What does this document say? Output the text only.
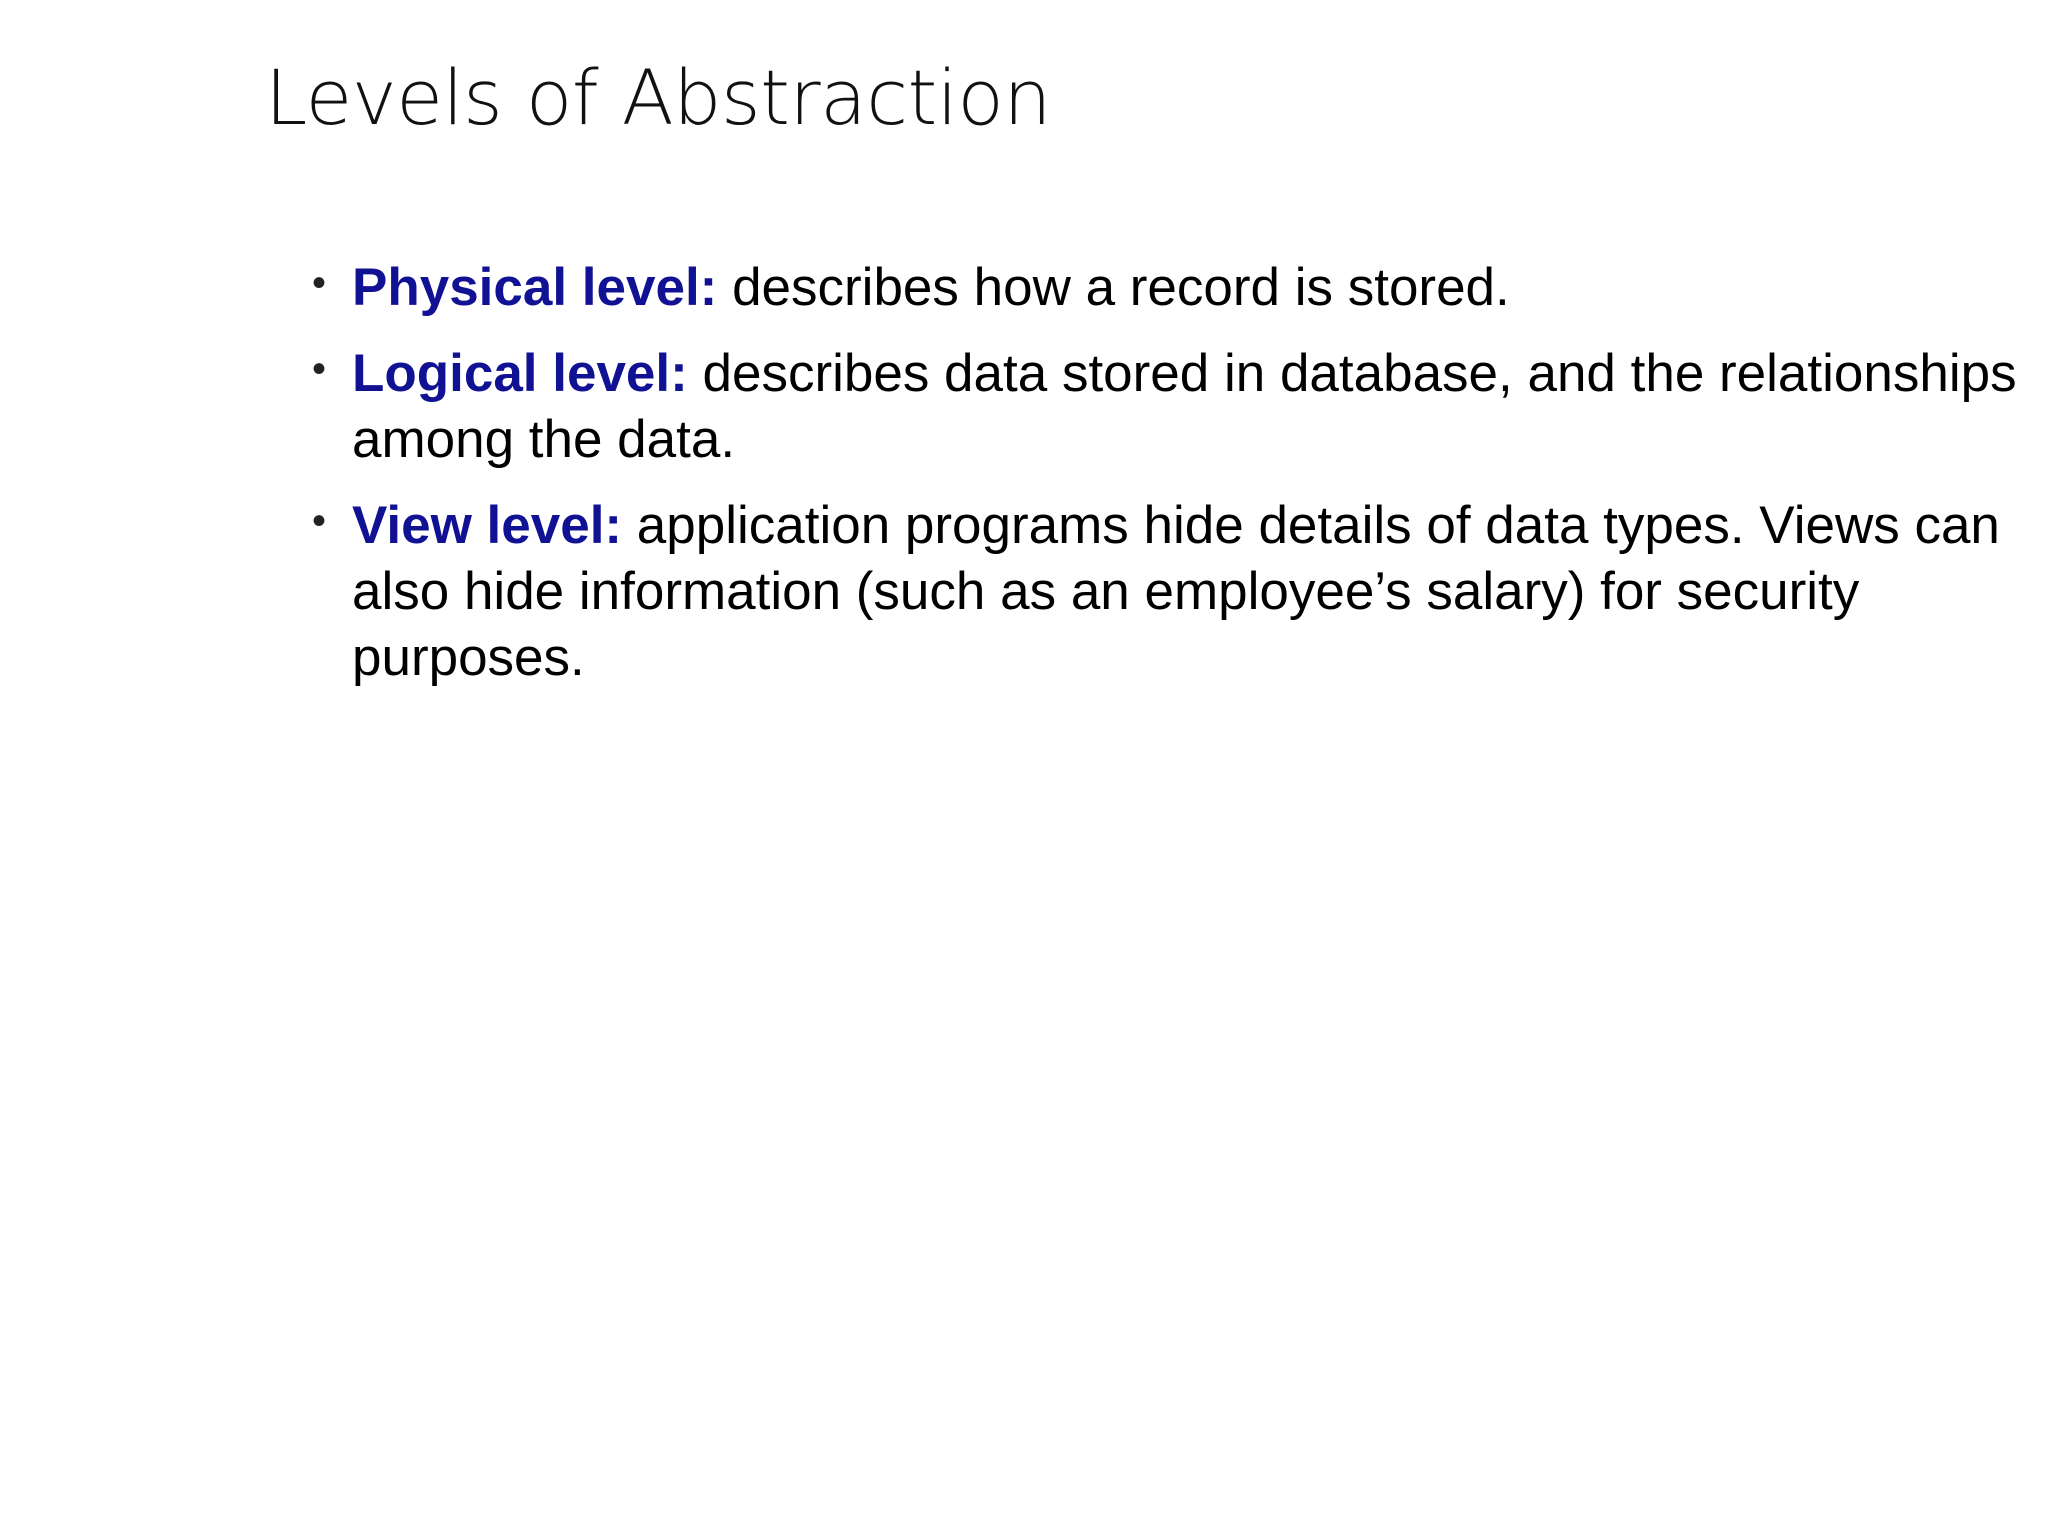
Levels of Abstraction
• Physical level: describes how a record is stored.
• Logical level: describes data stored in database, and the relationships among the data.
• View level: application programs hide details of data types. Views can also hide information (such as an employee’s salary) for security purposes.
